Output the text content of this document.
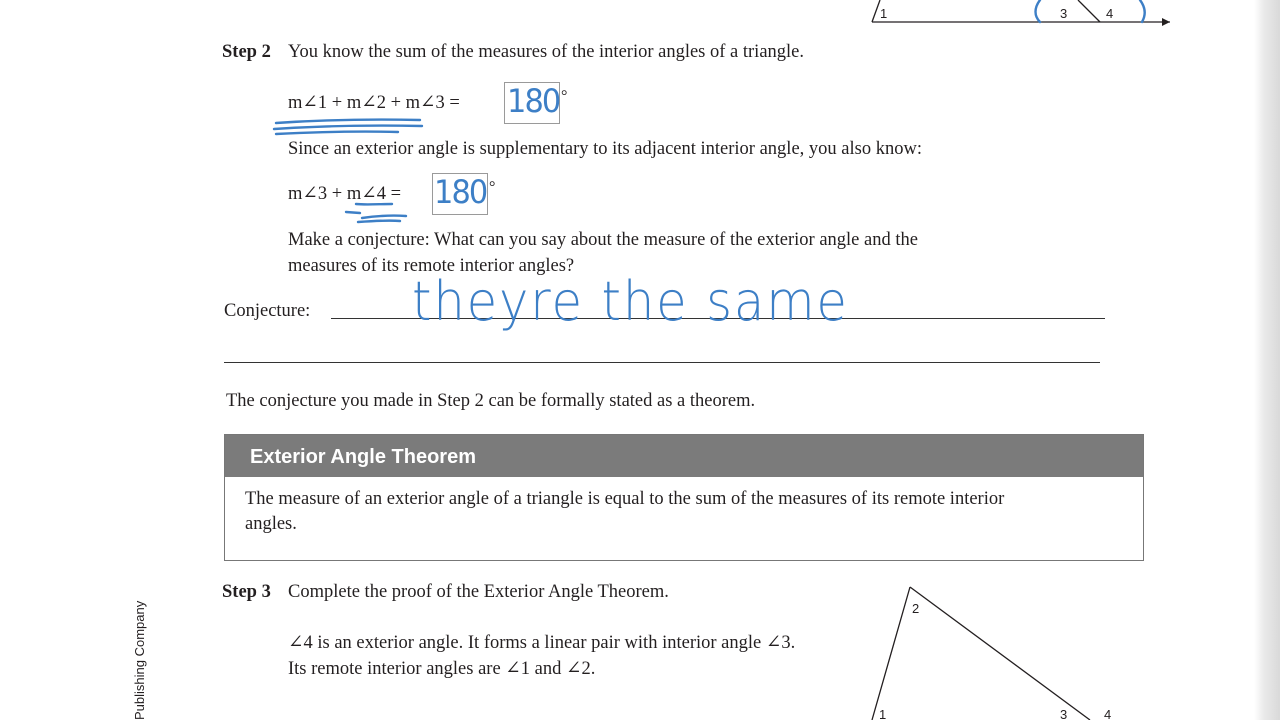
1	3	4
Step 2 You know the sum of the measures of the interior angles of a triangle.
m∠1 + m∠2 + m∠3 =	°
Since an exterior angle is supplementary to its adjacent interior angle, you also know:
m∠3 + m∠4 =	°
Make a conjecture: What can you say about the measure of the exterior angle and the
measures of its remote interior angles?
Conjecture:
The conjecture you made in Step 2 can be formally stated as a theorem.
Exterior Angle Theorem
The measure of an exterior angle of a triangle is equal to the sum of the measures of its remote interior angles.
Step 3 Complete the proof of the Exterior Angle Theorem.
∠4 is an exterior angle. It forms a linear pair with interior angle ∠3.
Its remote interior angles are ∠1 and ∠2.
2
1	3	4
Publishing Company
180
180
theyre the same
